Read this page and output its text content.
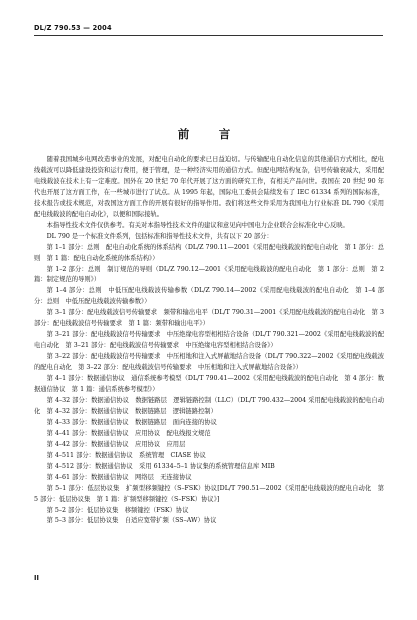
DL/Z 790.53 — 2004
前　言

随着我国城乡电网改造事业的发展，对配电自动化的要求已日益迫切。与传输配电自动化信息的其他通信方式相比，配电线载波可以降低建设投资和运行费用，便于管理，是一种经济实用的通信方式。但配电网结构复杂，信号传输衰减大，采用配电线载波在技术上有一定难度。国外在 20 世纪 70 年代开展了这方面的研究工作，有相关产品问世。我国在 20 世纪 90 年代也开展了这方面工作，在一些城市进行了试点。从 1995 年起，国际电工委员会陆续发布了 IEC 61334 系列的国际标准，技术报告或技术规范，对我国这方面工作的开展有很好的指导作用。我们将这些文件采用为我国电力行业标准 DL 790《采用配电线载波的配电自动化》，以便和国际接轨。

本指导性技术文件仅供参考。有关对本指导性技术文件的建议和意见向中国电力企业联合会标准化中心反映。

DL 790 是一个标准文件系列，包括标准和指导性技术文件，共有以下 20 部分：

第 1–1 部分：总则　配电自动化系统的体系结构（DL/Z 790.11—2001《采用配电线载波的配电自动化　第 1 部分：总则　第 1 篇：配电自动化系统的体系结构》）

第 1–2 部分：总则　制订规范的导则（DL/Z 790.12—2001《采用配电线载波的配电自动化　第 1 部分：总则　第 2 篇：制定规范的导则》）

第 1–4 部分：总则　中低压配电线载波传输参数（DL/Z 790.14—2002《采用配电线载波的配电自动化　第 1–4 部分：总则　中低压配电线载波传输参数》）

第 3–1 部分：配电线载波信号传输要求　频带和输出电平（DL/T 790.31—2001《采用配电线载波的配电自动化　第 3 部分：配电线载波信号传输要求　第 1 篇：频带和输出电平》）

第 3–21 部分：配电线载波信号传输要求　中压绝缘电容型相相结合设备（DL/T 790.321—2002《采用配电线载波的配电自动化　第 3–21 部分：配电线载波信号传输要求　中压绝缘电容型相相结合设备》）

第 3–22 部分：配电线载波信号传输要求　中压相地和注入式屏蔽地结合设备（DL/T 790.322—2002《采用配电线载波的配电自动化　第 3–22 部分：配电线载波信号传输要求　中压相地和注入式屏蔽地结合设备》）

第 4–1 部分：数据通信协议　通信系统参考模型（DL/T 790.41—2002《采用配电线载波的配电自动化　第 4 部分：数据通信协议　第 1 篇：通信系统参考模型》）

第 4–32 部分：数据通信协议　数据链路层　逻辑链路控制（LLC）（DL/T 790.432—2004 采用配电线载波的配电自动化　第 4–32 部分：数据通信协议　数据链路层　逻辑链路控制）

第 4–33 部分：数据通信协议　数据链路层　面向连接的协议

第 4–41 部分：数据通信协议　应用协议　配电线报文规范

第 4–42 部分：数据通信协议　应用协议　应用层

第 4–511 部分：数据通信协议　系统管理　CIASE 协议

第 4–512 部分：数据通信协议　采用 61334–5–1 协议集的系统管理信息库 MIB

第 4–61 部分：数据通信协议　网络层　无连接协议

第 5–1 部分：低层协议集　扩频型移频键控（S–FSK）协议[DL/T 790.51—2002《采用配电线载波的配电自动化　第 5 部分：低层协议集　第 1 篇：扩频型移频键控（S–FSK）协议》]

第 5–2 部分：低层协议集　移频键控（FSK）协议

第 5–3 部分：低层协议集　自适应宽带扩频（SS–AW）协议

II
